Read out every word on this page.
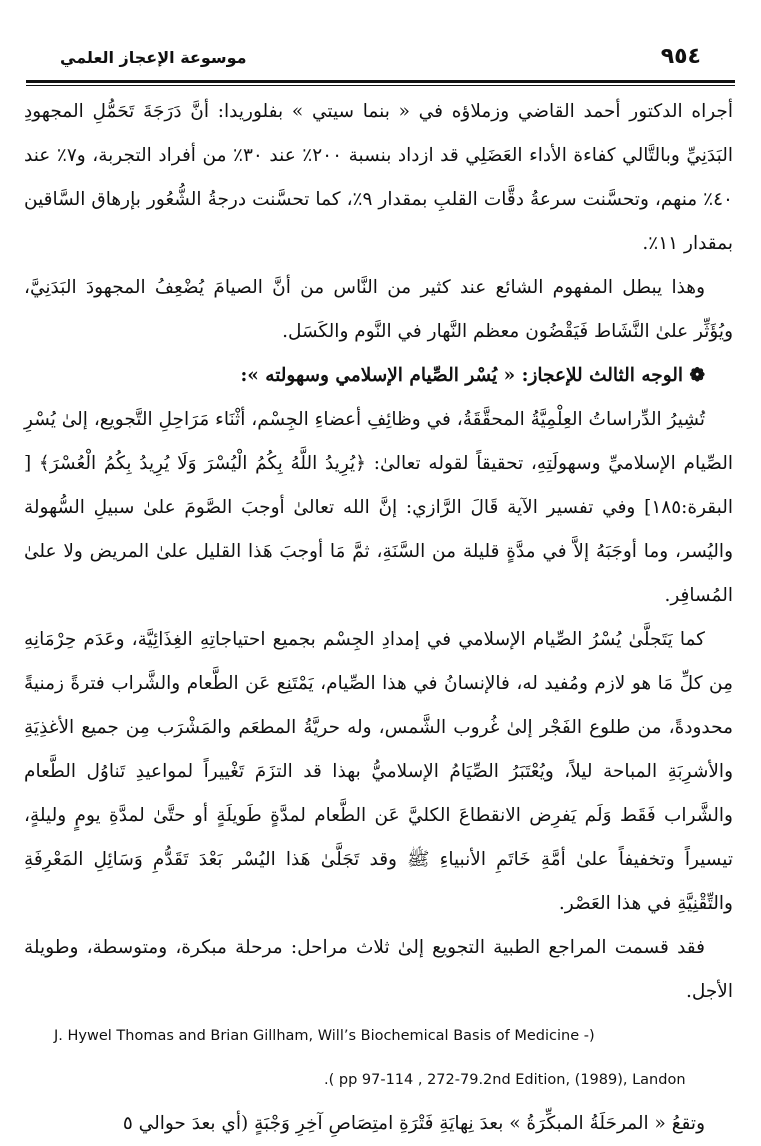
٩٥٤
موسوعة الإعجاز العلمي

أجراه الدكتور أحمد القاضي وزملاؤه في « بنما سيتي » بفلوريدا: أنَّ دَرَجَةَ تَحَمُّلِ المجهودِ البَدَنِيِّ وبالتَّالي كفاءة الأداء العَضَلِي قد ازداد بنسبة ٢٠٠٪ عند ٣٠٪ من أفراد التجربة، و٧٪ عند ٤٠٪ منهم، وتحسَّنت سرعةُ دقَّات القلبِ بمقدار ٩٪، كما تحسَّنت درجةُ الشُّعُور بإرهاق السَّاقين بمقدار ١١٪.

وهذا يبطل المفهوم الشائع عند كثير من النَّاس من أنَّ الصيامَ يُضْعِفُ المجهودَ البَدَنِيَّ، ويُؤَثِّر علىٰ النَّشَاط فَيَقْضُون معظم النَّهار في النَّوم والكَسَل.

❁ الوجه الثالث للإعجاز: « يُسْر الصِّيام الإسلامي وسهولته »:

تُشِيرُ الدِّراساتُ العِلْمِيَّةُ المحقَّقَةُ، في وظائِفِ أعضاءِ الجِسْم، أثْنَاء مَرَاحِلِ التَّجويع، إلىٰ يُسْرِ الصِّيام الإسلاميِّ وسهولَتِهِ، تحقيقاً لقوله تعالىٰ: ﴿يُرِيدُ اللَّهُ بِكُمُ الْيُسْرَ وَلَا يُرِيدُ بِكُمُ الْعُسْرَ﴾ [ البقرة:١٨٥] وفي تفسير الآية قَالَ الرَّازي: إنَّ الله تعالىٰ أوجبَ الصَّومَ علىٰ سبيلِ السُّهولة واليُسر، وما أوجَبَهُ إلاَّ في مدَّةٍ قليلة من السَّنَةِ، ثمَّ مَا أوجبَ هَذا القليل علىٰ المريض ولا علىٰ المُسافِر.

كما يَتَجلَّىٰ يُسْرُ الصِّيام الإسلامي في إمدادِ الجِسْم بجميع احتياجاتِهِ الغِذَائِيَّة، وعَدَم حِرْمَانِهِ مِن كلِّ مَا هو لازم ومُفيد له، فالإنسانُ في هذا الصِّيام، يَمْتَنِع عَن الطَّعام والشَّراب فترةً زمنيةً محدودةً، من طلوع الفَجْر إلىٰ غُروب الشَّمس، وله حريَّةُ المطعَم والمَشْرَب مِن جميع الأغذِيَةِ والأشرِبَةِ المباحة ليلاً، ويُعْتَبَرُ الصِّيَامُ الإسلاميُّ بهذا قد التزَمَ تَغْييراً لمواعيدِ تَناوُل الطَّعام والشَّراب فَقَط وَلَم يَفرِض الانقطاعَ الكليَّ عَن الطَّعام لمدَّةٍ طَويلَةٍ أو حتَّىٰ لمدَّةِ يومٍ وليلةٍ، تيسيراً وتخفيفاً علىٰ أمَّةِ خَاتَمِ الأنبياءِ ﷺ وقد تَجَلَّىٰ هَذا اليُسْر بَعْدَ تَقَدُّمِ وَسَائِلِ المَعْرِفَةِ والتِّقْنِيَّةِ في هذا العَصْر.

فقد قسمت المراجع الطبية التجويع إلىٰ ثلاث مراحل: مرحلة مبكرة، ومتوسطة، وطويلة الأجل.

J. Hywel Thomas and Brian Gillham, Will’s Biochemical Basis of Medicine -)

.( pp 97-114 , 272-79.2nd Edition, (1989), Landon

وتقعُ « المرحَلَةُ المبكِّرَةُ » بعدَ نِهايَةِ فَتْرَةِ امتِصَاصِ آخِرِ وَجْبَةٍ (أي بعدَ حوالي ٥
